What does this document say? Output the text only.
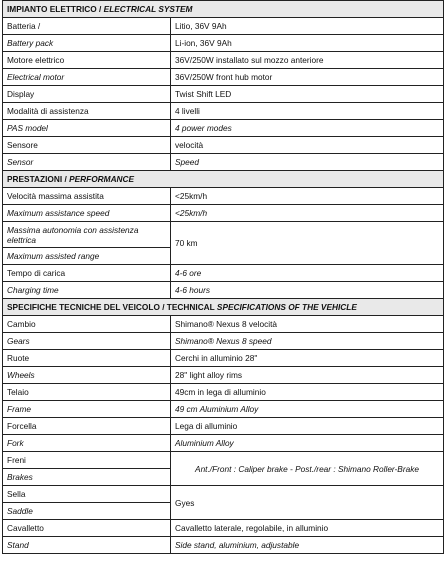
IMPIANTO ELETTRICO / ELECTRICAL SYSTEM	
Batteria /	Litio, 36V 9Ah
Battery pack	Li-ion, 36V 9Ah
Motore elettrico	36V/250W installato sul mozzo anteriore
Electrical motor	36V/250W front hub motor
Display	Twist Shift LED
Modalità di assistenza	4 livelli
PAS model	4 power modes
Sensore	velocità
Sensor	Speed
PRESTAZIONI / PERFORMANCE	
Velocità massima assistita	<25km/h
Maximum assistance speed	<25km/h
Massima autonomia con assistenza elettrica	70 km
Maximum assisted range	
Tempo di carica	4-6 ore
Charging time	4-6 hours
SPECIFICHE TECNICHE DEL VEICOLO / TECHNICAL SPECIFICATIONS OF THE VEHICLE	
Cambio	Shimano® Nexus 8 velocità
Gears	Shimano® Nexus 8 speed
Ruote	Cerchi in alluminio 28"
Wheels	28" light alloy rims
Telaio	49cm in lega di alluminio
Frame	49 cm Aluminium Alloy
Forcella	Lega di alluminio
Fork	Aluminium Alloy
Freni	Ant./Front : Caliper brake - Post./rear : Shimano Roller-Brake
Brakes	
Sella	Gyes
Saddle	
Cavalletto	Cavalletto laterale, regolabile, in alluminio
Stand	Side stand, aluminium, adjustable
